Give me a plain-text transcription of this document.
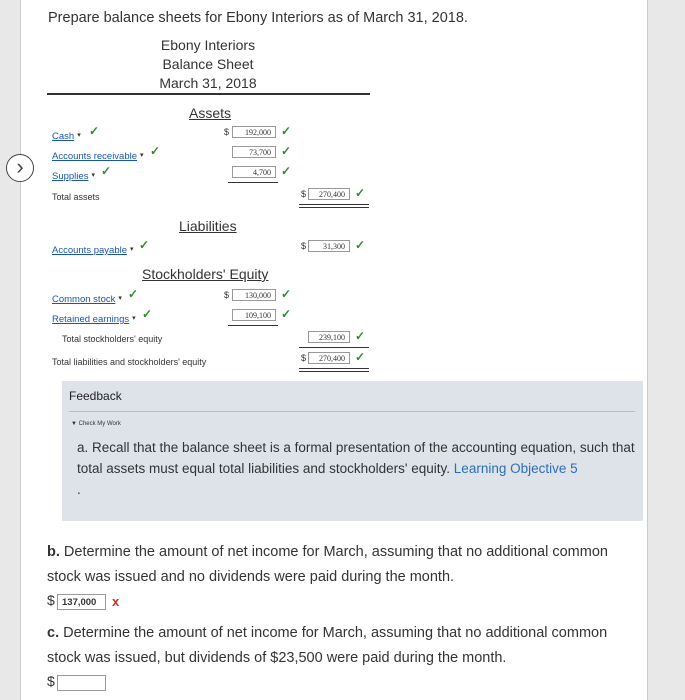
Prepare balance sheets for Ebony Interiors as of March 31, 2018.
Ebony Interiors
Balance Sheet
March 31, 2018
Assets
Cash ▾ ✓	$	192,000 ✓
Accounts receivable ▾ ✓	73,700 ✓
Supplies ▾ ✓	4,700 ✓
Total assets	$	270,400 ✓
Liabilities
Accounts payable ▾ ✓	$	31,300 ✓
Stockholders' Equity
Common stock ▾ ✓	$	130,000 ✓
Retained earnings ▾ ✓	109,100 ✓
Total stockholders' equity	239,100 ✓
Total liabilities and stockholders' equity	$	270,400 ✓
Feedback
▼ Check My Work
a. Recall that the balance sheet is a formal presentation of the accounting equation, such that total assets must equal total liabilities and stockholders' equity. Learning Objective 5
.
b. Determine the amount of net income for March, assuming that no additional common stock was issued and no dividends were paid during the month.
$ 137,000	x
c. Determine the amount of net income for March, assuming that no additional common stock was issued, but dividends of $23,500 were paid during the month.
$
›
